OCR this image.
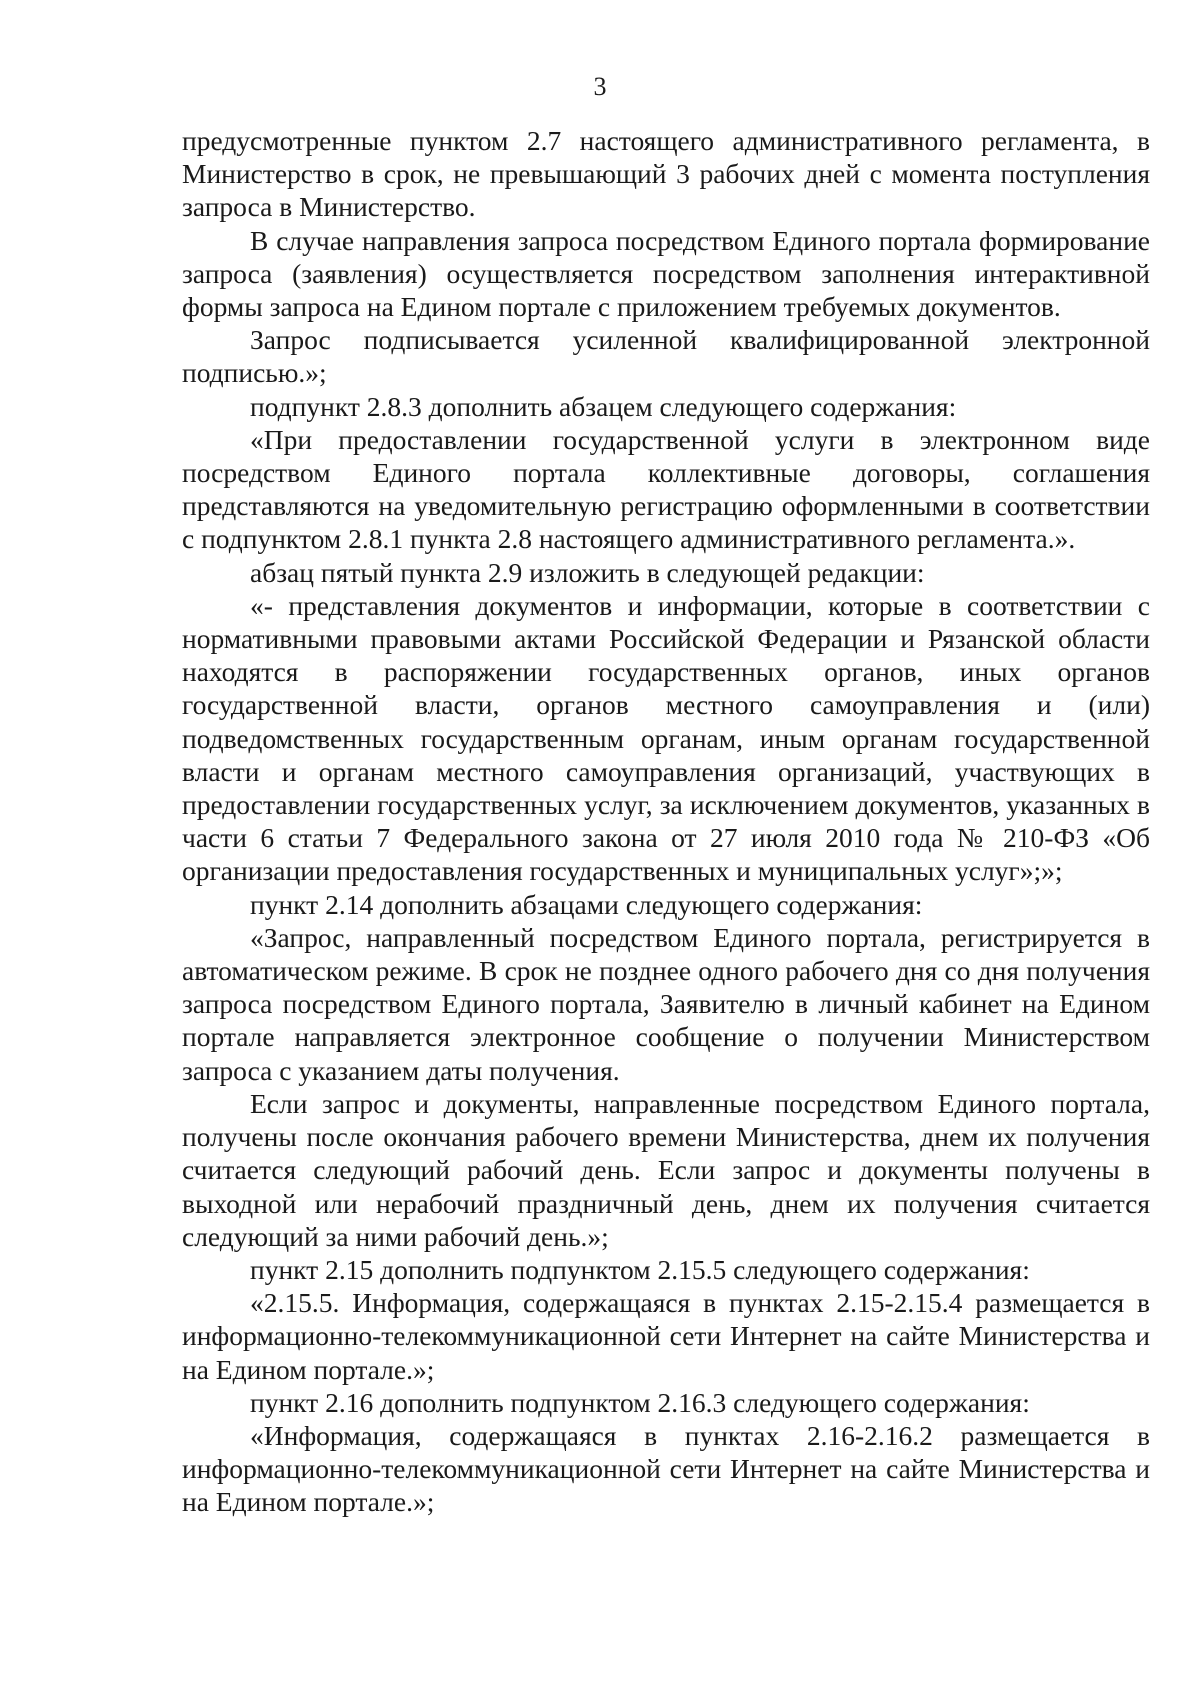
3

предусмотренные пунктом 2.7 настоящего административного регламента, в Министерство в срок, не превышающий 3 рабочих дней с момента поступления запроса в Министерство.

В случае направления запроса посредством Единого портала формирование запроса (заявления) осуществляется посредством заполнения интерактивной формы запроса на Едином портале с приложением требуемых документов.

Запрос подписывается усиленной квалифицированной электронной подписью.»;

подпункт 2.8.3 дополнить абзацем следующего содержания:

«При предоставлении государственной услуги в электронном виде посредством Единого портала коллективные договоры, соглашения представляются на уведомительную регистрацию оформленными в соответствии с подпунктом 2.8.1 пункта 2.8 настоящего административного регламента.».

абзац пятый пункта 2.9 изложить в следующей редакции:

«- представления документов и информации, которые в соответствии с нормативными правовыми актами Российской Федерации и Рязанской области находятся в распоряжении государственных органов, иных органов государственной власти, органов местного самоуправления и (или) подведомственных государственным органам, иным органам государственной власти и органам местного самоуправления организаций, участвующих в предоставлении государственных услуг, за исключением документов, указанных в части 6 статьи 7 Федерального закона от 27 июля 2010 года № 210-ФЗ «Об организации предоставления государственных и муниципальных услуг»;»;

пункт 2.14 дополнить абзацами следующего содержания:

«Запрос, направленный посредством Единого портала, регистрируется в автоматическом режиме. В срок не позднее одного рабочего дня со дня получения запроса посредством Единого портала, Заявителю в личный кабинет на Едином портале направляется электронное сообщение о получении Министерством запроса с указанием даты получения.

Если запрос и документы, направленные посредством Единого портала, получены после окончания рабочего времени Министерства, днем их получения считается следующий рабочий день. Если запрос и документы получены в выходной или нерабочий праздничный день, днем их получения считается следующий за ними рабочий день.»;

пункт 2.15 дополнить подпунктом 2.15.5 следующего содержания:

«2.15.5. Информация, содержащаяся в пунктах 2.15-2.15.4 размещается в информационно-телекоммуникационной сети Интернет на сайте Министерства и на Едином портале.»;

пункт 2.16 дополнить подпунктом 2.16.3 следующего содержания:

«Информация, содержащаяся в пунктах 2.16-2.16.2 размещается в информационно-телекоммуникационной сети Интернет на сайте Министерства и на Едином портале.»;
